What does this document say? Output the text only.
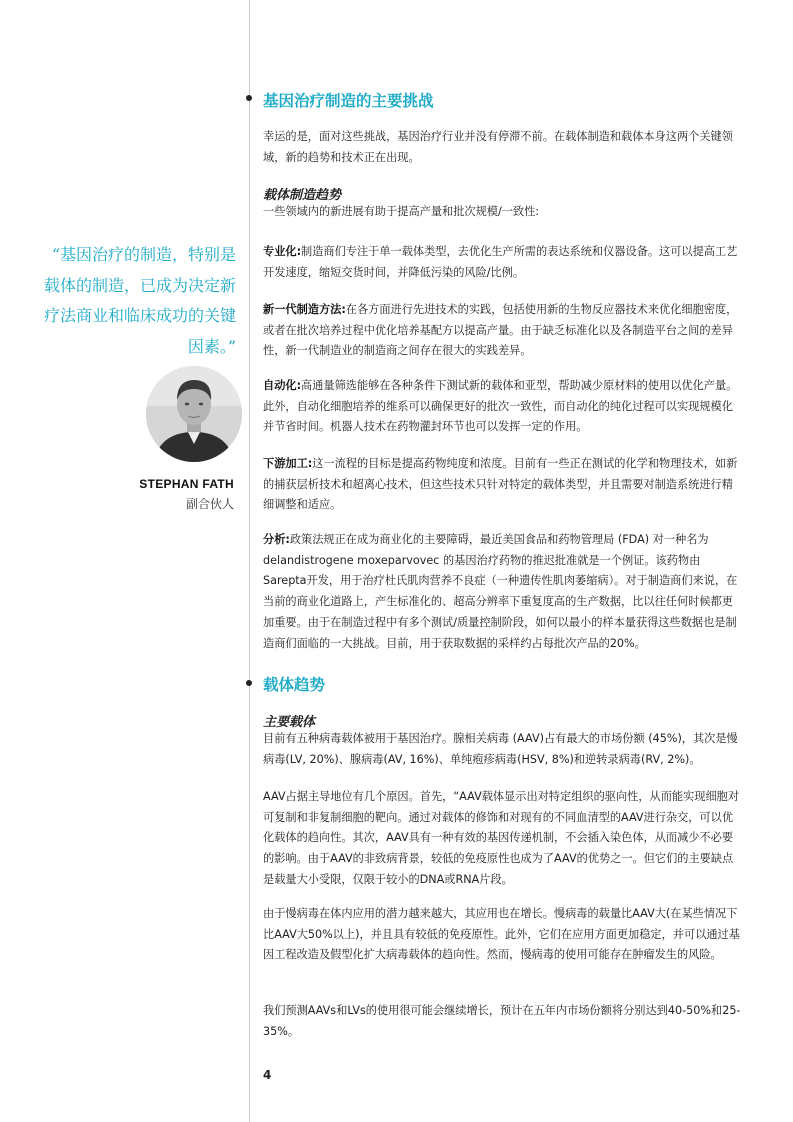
“基因治疗的制造，特别是载体的制造，已成为决定新疗法商业和临床成功的关键因素。”

STEPHAN FATH

副合伙人

基因治疗制造的主要挑战

幸运的是，面对这些挑战，基因治疗行业并没有停滞不前。在载体制造和载体本身这两个关键领域，新的趋势和技术正在出现。

载体制造趋势

一些领域内的新进展有助于提高产量和批次规模/一致性:

专业化:制造商们专注于单一载体类型，去优化生产所需的表达系统和仪器设备。这可以提高工艺开发速度，缩短交货时间，并降低污染的风险/比例。

新一代制造方法:在各方面进行先进技术的实践，包括使用新的生物反应器技术来优化细胞密度，或者在批次培养过程中优化培养基配方以提高产量。由于缺乏标准化以及各制造平台之间的差异性，新一代制造业的制造商之间存在很大的实践差异。

自动化:高通量筛选能够在各种条件下测试新的载体和亚型，帮助减少原材料的使用以优化产量。此外，自动化细胞培养的维系可以确保更好的批次一致性，而自动化的纯化过程可以实现规模化并节省时间。机器人技术在药物灌封环节也可以发挥一定的作用。

下游加工:这一流程的目标是提高药物纯度和浓度。目前有一些正在测试的化学和物理技术，如新的捕获层析技术和超离心技术，但这些技术只针对特定的载体类型，并且需要对制造系统进行精细调整和适应。

分析:政策法规正在成为商业化的主要障碍，最近美国食品和药物管理局 (FDA) 对一种名为delandistrogene moxeparvovec 的基因治疗药物的推迟批准就是一个例证。该药物由Sarepta开发，用于治疗杜氏肌肉营养不良症（一种遗传性肌肉萎缩病）。对于制造商们来说，在当前的商业化道路上，产生标准化的、超高分辨率下重复度高的生产数据，比以往任何时候都更加重要。由于在制造过程中有多个测试/质量控制阶段，如何以最小的样本量获得这些数据也是制造商们面临的一大挑战。目前，用于获取数据的采样约占每批次产品的20%。

载体趋势
主要载体

目前有五种病毒载体被用于基因治疗。腺相关病毒 (AAV)占有最大的市场份额 (45%)，其次是慢病毒(LV, 20%)、腺病毒(AV, 16%)、单纯疱疹病毒(HSV, 8%)和逆转录病毒(RV, 2%)。

AAV占据主导地位有几个原因。首先，“AAV载体显示出对特定组织的驱向性，从而能实现细胞对可复制和非复制细胞的靶向。通过对载体的修饰和对现有的不同血清型的AAV进行杂交，可以优化载体的趋向性。其次，AAV具有一种有效的基因传递机制，不会插入染色体，从而减少不必要的影响。由于AAV的非致病背景，较低的免疫原性也成为了AAV的优势之一。但它们的主要缺点是载量大小受限，仅限于较小的DNA或RNA片段。

由于慢病毒在体内应用的潜力越来越大，其应用也在增长。慢病毒的载量比AAV大(在某些情况下比AAV大50%以上)，并且具有较低的免疫原性。此外，它们在应用方面更加稳定，并可以通过基因工程改造及假型化扩大病毒载体的趋向性。然而，慢病毒的使用可能存在肿瘤发生的风险。

我们预测AAVs和LVs的使用很可能会继续增长，预计在五年内市场份额将分别达到40-50%和25-35%。

4
